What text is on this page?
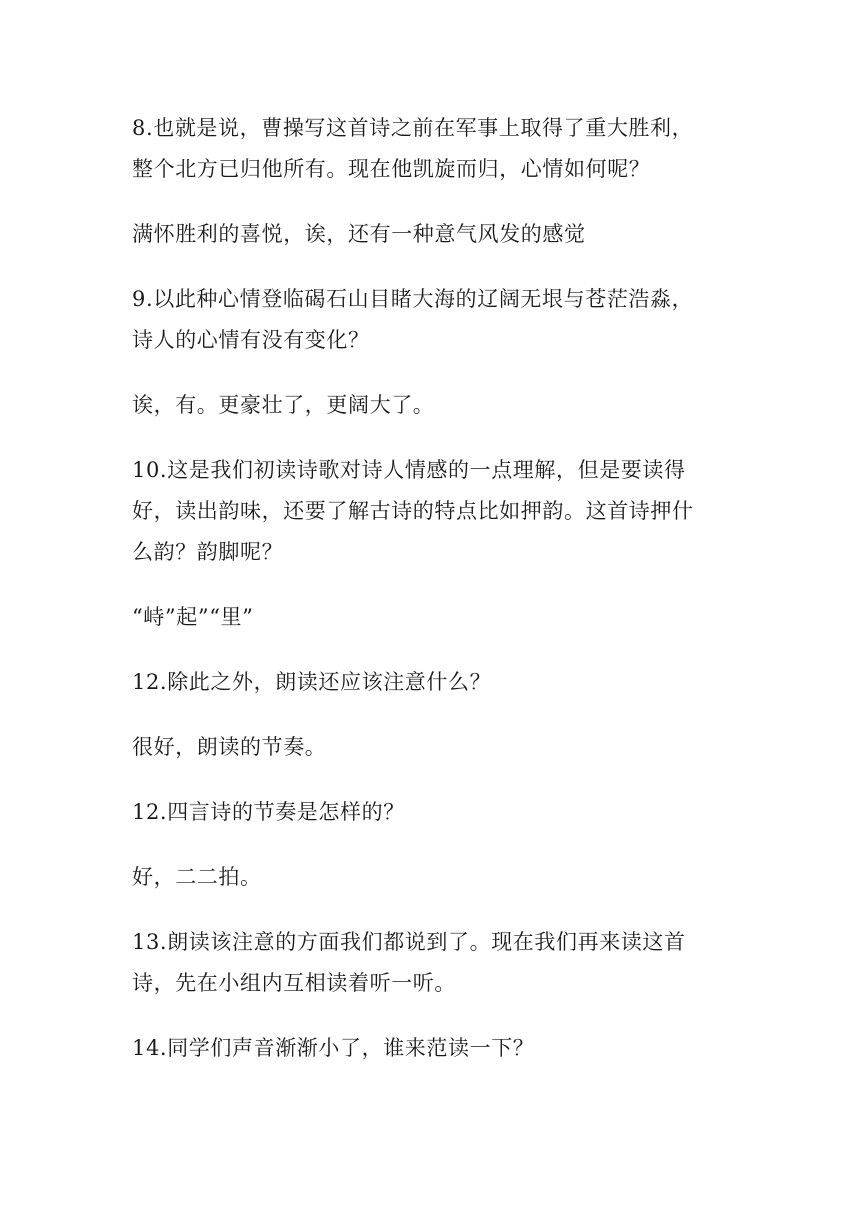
8.也就是说，曹操写这首诗之前在军事上取得了重大胜利，
整个北方已归他所有。现在他凯旋而归，心情如何呢？
满怀胜利的喜悦，诶，还有一种意气风发的感觉
9.以此种心情登临碣石山目睹大海的辽阔无垠与苍茫浩淼，
诗人的心情有没有变化？
诶，有。更豪壮了，更阔大了。
10.这是我们初读诗歌对诗人情感的一点理解，但是要读得
好，读出韵味，还要了解古诗的特点比如押韵。这首诗押什
么韵？韵脚呢？
“峙”起”“里”
12.除此之外，朗读还应该注意什么？
很好，朗读的节奏。
12.四言诗的节奏是怎样的？
好，二二拍。
13.朗读该注意的方面我们都说到了。现在我们再来读这首
诗，先在小组内互相读着听一听。
14.同学们声音渐渐小了，谁来范读一下？
